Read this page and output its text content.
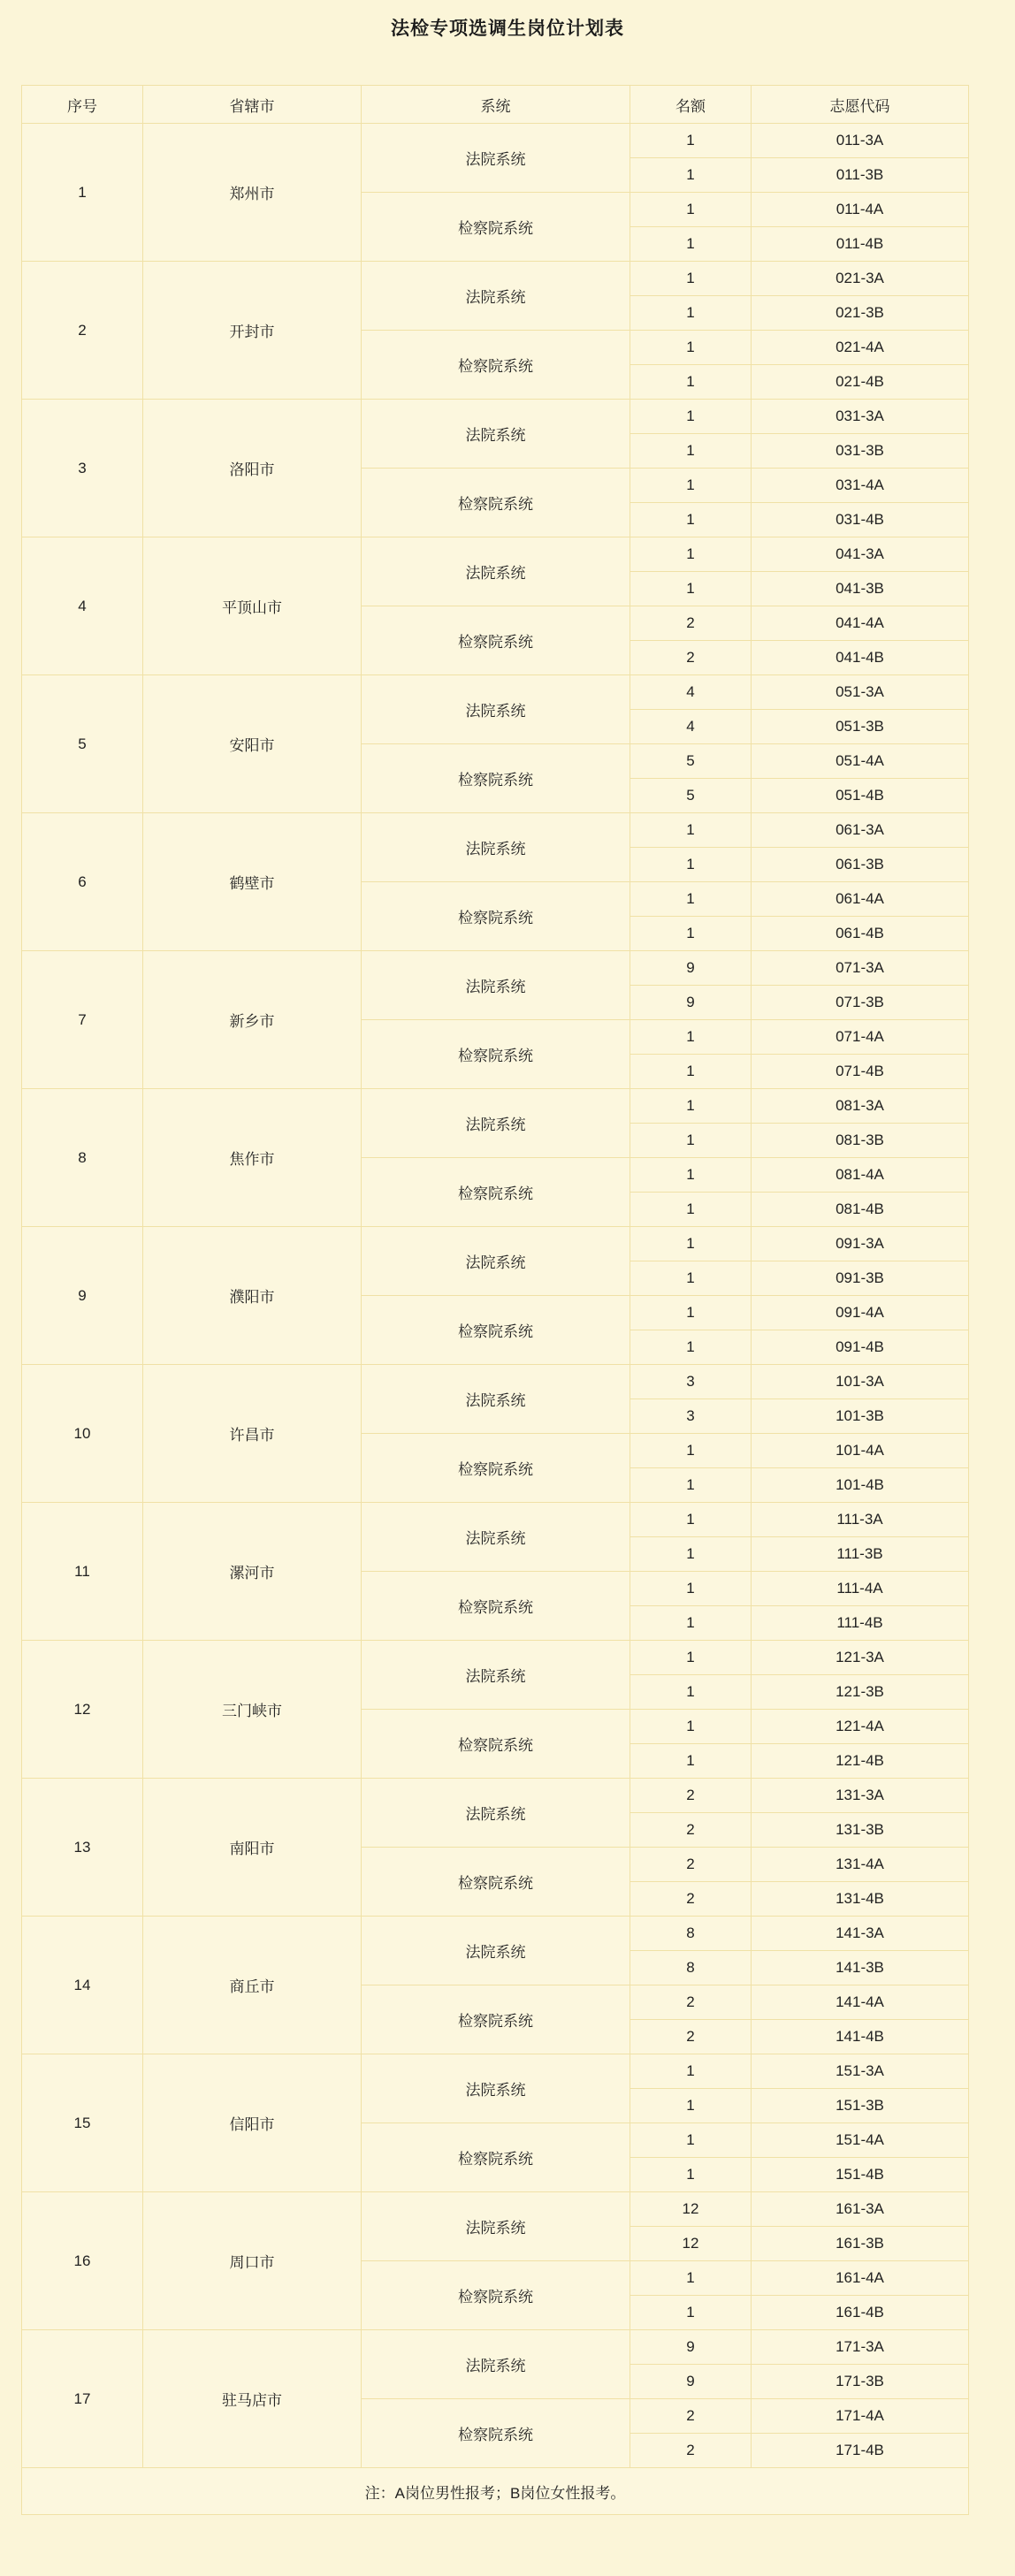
法检专项选调生岗位计划表
序号	省辖市	系统	名额	志愿代码
1	郑州市	法院系统	1	011-3A
			1	011-3B
		检察院系统	1	011-4A
			1	011-4B
2	开封市	法院系统	1	021-3A
			1	021-3B
		检察院系统	1	021-4A
			1	021-4B
3	洛阳市	法院系统	1	031-3A
			1	031-3B
		检察院系统	1	031-4A
			1	031-4B
4	平顶山市	法院系统	1	041-3A
			1	041-3B
		检察院系统	2	041-4A
			2	041-4B
5	安阳市	法院系统	4	051-3A
			4	051-3B
		检察院系统	5	051-4A
			5	051-4B
6	鹤壁市	法院系统	1	061-3A
			1	061-3B
		检察院系统	1	061-4A
			1	061-4B
7	新乡市	法院系统	9	071-3A
			9	071-3B
		检察院系统	1	071-4A
			1	071-4B
8	焦作市	法院系统	1	081-3A
			1	081-3B
		检察院系统	1	081-4A
			1	081-4B
9	濮阳市	法院系统	1	091-3A
			1	091-3B
		检察院系统	1	091-4A
			1	091-4B
10	许昌市	法院系统	3	101-3A
			3	101-3B
		检察院系统	1	101-4A
			1	101-4B
11	漯河市	法院系统	1	111-3A
			1	111-3B
		检察院系统	1	111-4A
			1	111-4B
12	三门峡市	法院系统	1	121-3A
			1	121-3B
		检察院系统	1	121-4A
			1	121-4B
13	南阳市	法院系统	2	131-3A
			2	131-3B
		检察院系统	2	131-4A
			2	131-4B
14	商丘市	法院系统	8	141-3A
			8	141-3B
		检察院系统	2	141-4A
			2	141-4B
15	信阳市	法院系统	1	151-3A
			1	151-3B
		检察院系统	1	151-4A
			1	151-4B
16	周口市	法院系统	12	161-3A
			12	161-3B
		检察院系统	1	161-4A
			1	161-4B
17	驻马店市	法院系统	9	171-3A
			9	171-3B
		检察院系统	2	171-4A
			2	171-4B
注：A岗位男性报考；B岗位女性报考。				
